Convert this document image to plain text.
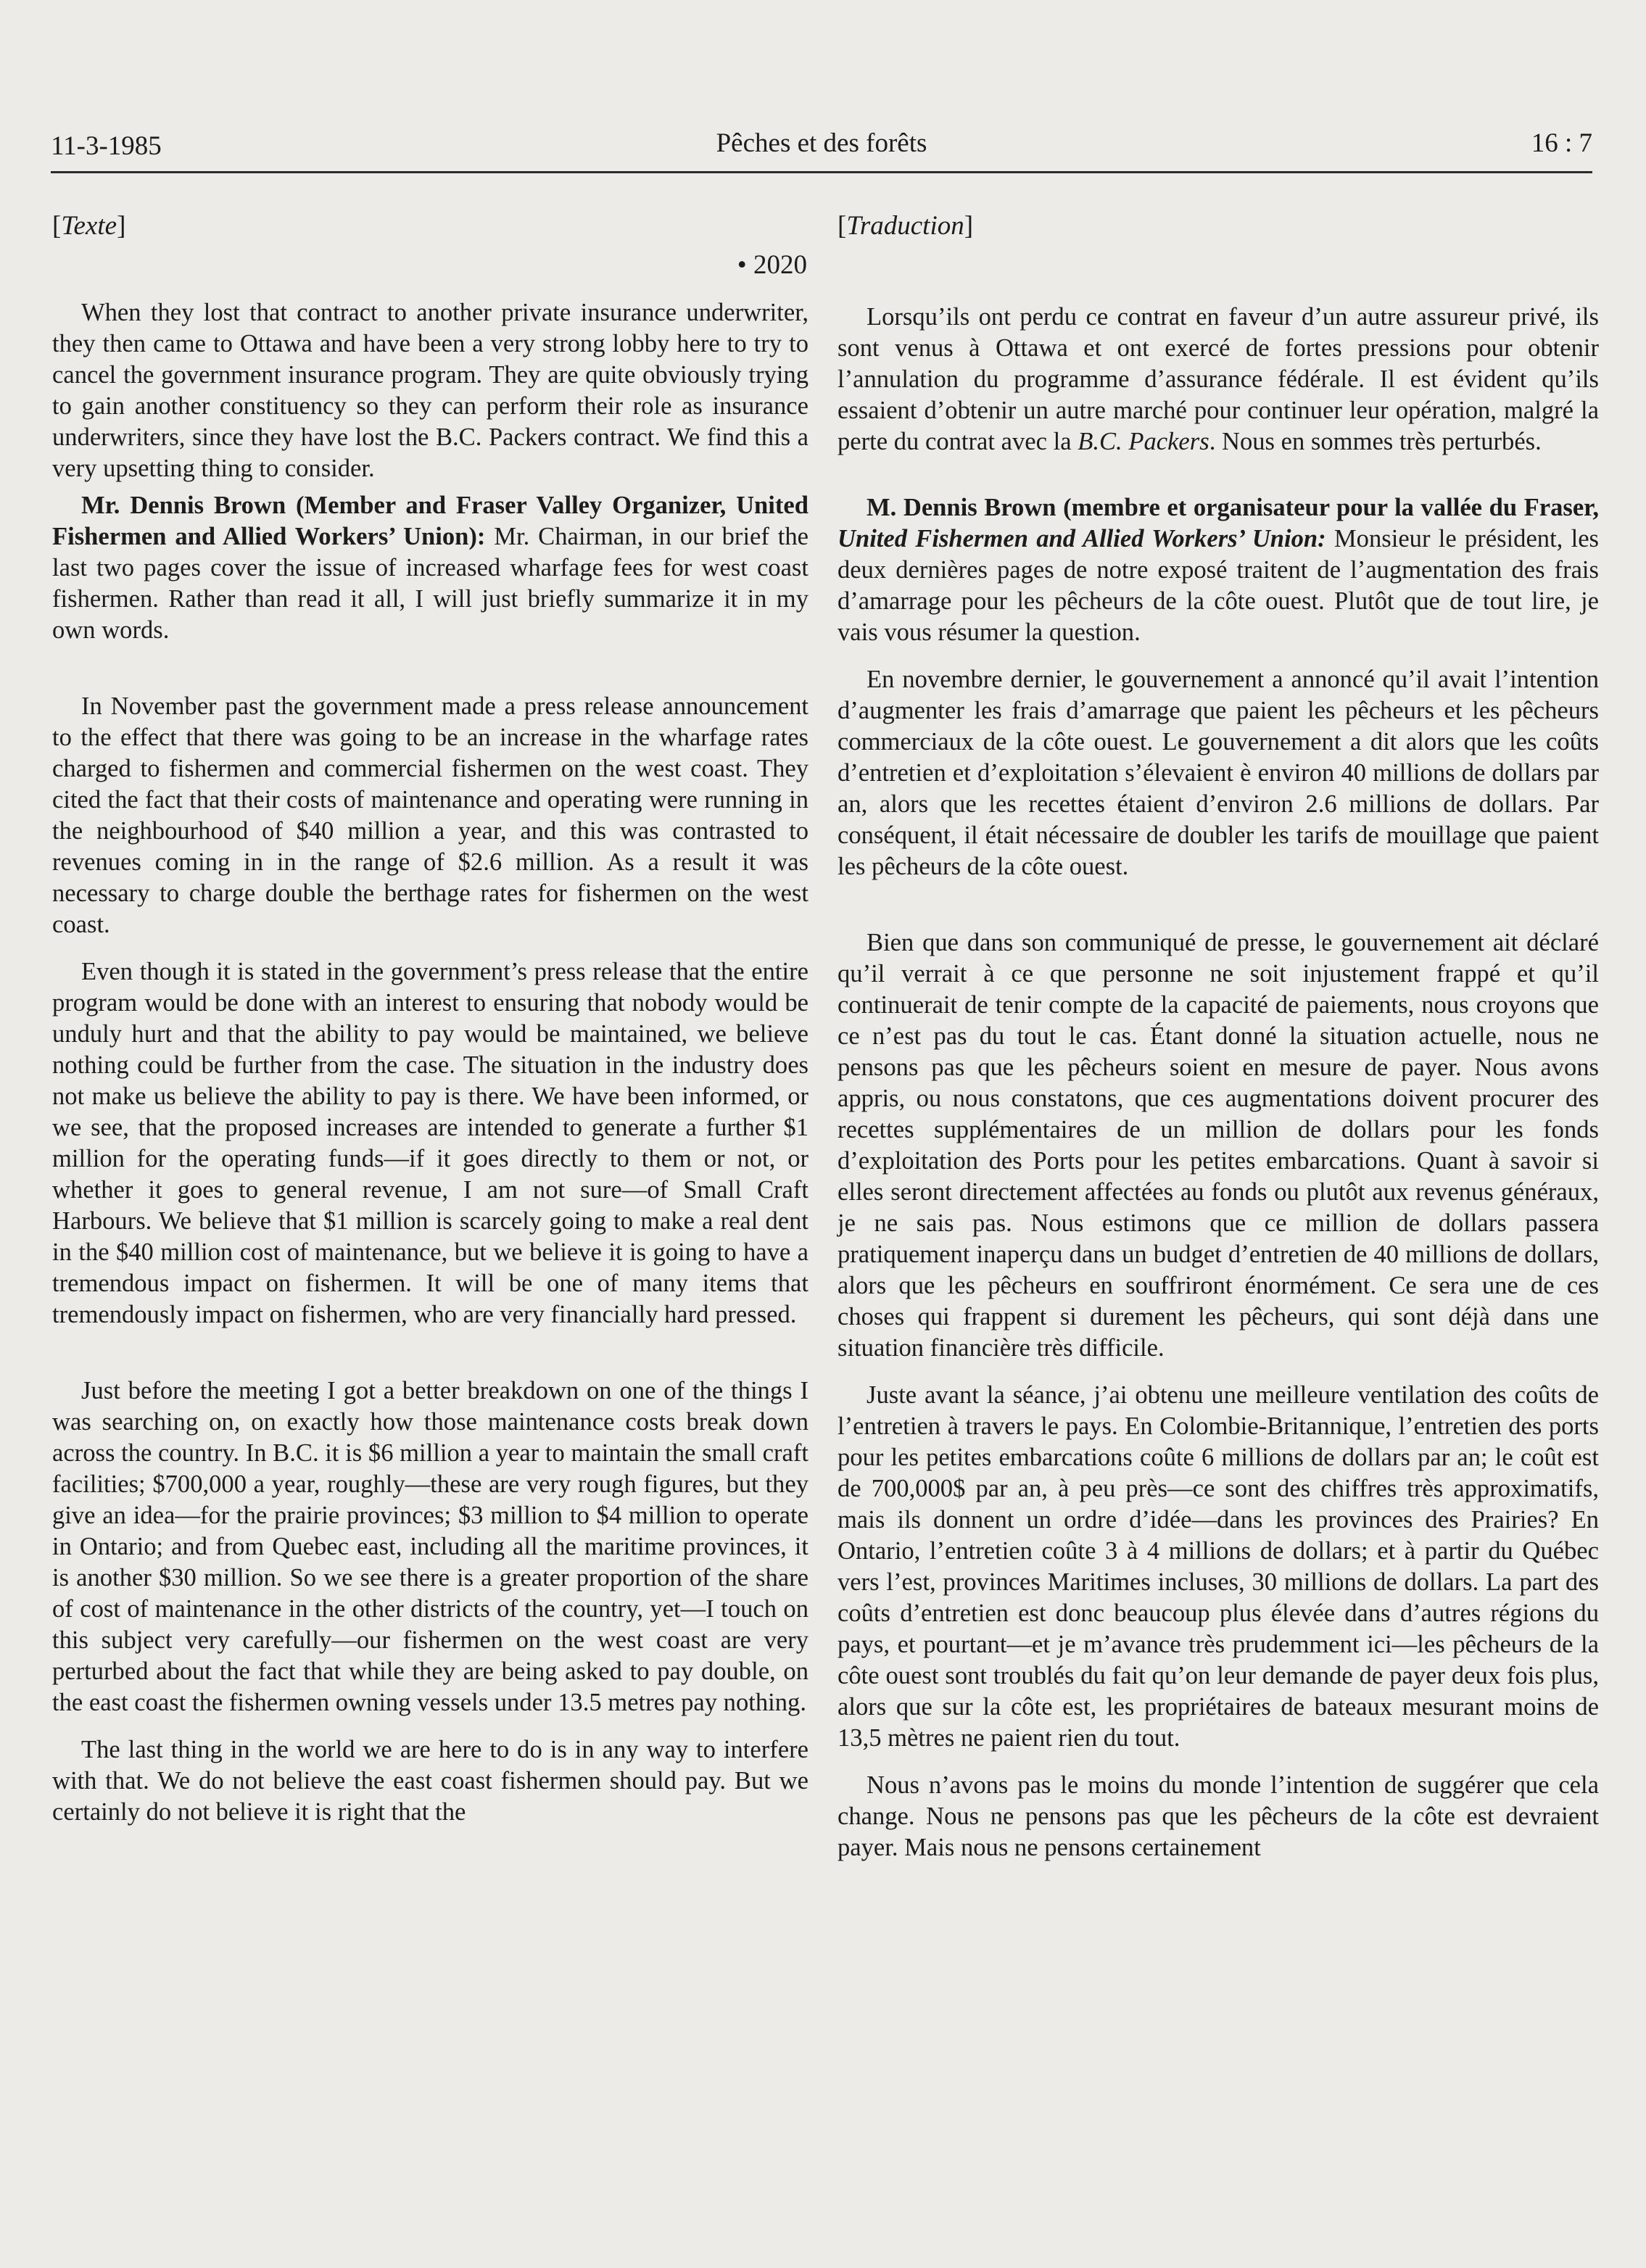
11-3-1985	Pêches et des forêts	16 : 7
[Texte]
• 2020

When they lost that contract to another private insurance underwriter, they then came to Ottawa and have been a very strong lobby here to try to cancel the government insurance program. They are quite obviously trying to gain another constituency so they can perform their role as insurance underwriters, since they have lost the B.C. Packers contract. We find this a very upsetting thing to consider.

Mr. Dennis Brown (Member and Fraser Valley Organizer, United Fishermen and Allied Workers’ Union): Mr. Chairman, in our brief the last two pages cover the issue of increased wharfage fees for west coast fishermen. Rather than read it all, I will just briefly summarize it in my own words.

In November past the government made a press release announcement to the effect that there was going to be an increase in the wharfage rates charged to fishermen and commercial fishermen on the west coast. They cited the fact that their costs of maintenance and operating were running in the neighbourhood of $40 million a year, and this was contrasted to revenues coming in in the range of $2.6 million. As a result it was necessary to charge double the berthage rates for fishermen on the west coast.

Even though it is stated in the government’s press release that the entire program would be done with an interest to ensuring that nobody would be unduly hurt and that the ability to pay would be maintained, we believe nothing could be further from the case. The situation in the industry does not make us believe the ability to pay is there. We have been informed, or we see, that the proposed increases are intended to generate a further $1 million for the operating funds—if it goes directly to them or not, or whether it goes to general revenue, I am not sure—of Small Craft Harbours. We believe that $1 million is scarcely going to make a real dent in the $40 million cost of maintenance, but we believe it is going to have a tremendous impact on fishermen. It will be one of many items that tremendously impact on fishermen, who are very financially hard pressed.

Just before the meeting I got a better breakdown on one of the things I was searching on, on exactly how those maintenance costs break down across the country. In B.C. it is $6 million a year to maintain the small craft facilities; $700,000 a year, roughly—these are very rough figures, but they give an idea—for the prairie provinces; $3 million to $4 million to operate in Ontario; and from Quebec east, including all the maritime provinces, it is another $30 million. So we see there is a greater proportion of the share of cost of maintenance in the other districts of the country, yet—I touch on this subject very carefully—our fishermen on the west coast are very perturbed about the fact that while they are being asked to pay double, on the east coast the fishermen owning vessels under 13.5 metres pay nothing.

The last thing in the world we are here to do is in any way to interfere with that. We do not believe the east coast fishermen should pay. But we certainly do not believe it is right that the

[Traduction]

Lorsqu’ils ont perdu ce contrat en faveur d’un autre assureur privé, ils sont venus à Ottawa et ont exercé de fortes pressions pour obtenir l’annulation du programme d’assurance fédérale. Il est évident qu’ils essaient d’obtenir un autre marché pour continuer leur opération, malgré la perte du contrat avec la B.C. Packers. Nous en sommes très perturbés.

M. Dennis Brown (membre et organisateur pour la vallée du Fraser, United Fishermen and Allied Workers’ Union: Monsieur le président, les deux dernières pages de notre exposé traitent de l’augmentation des frais d’amarrage pour les pêcheurs de la côte ouest. Plutôt que de tout lire, je vais vous résumer la question.

En novembre dernier, le gouvernement a annoncé qu’il avait l’intention d’augmenter les frais d’amarrage que paient les pêcheurs et les pêcheurs commerciaux de la côte ouest. Le gouvernement a dit alors que les coûts d’entretien et d’exploitation s’élevaient è environ 40 millions de dollars par an, alors que les recettes étaient d’environ 2.6 millions de dollars. Par conséquent, il était nécessaire de doubler les tarifs de mouillage que paient les pêcheurs de la côte ouest.

Bien que dans son communiqué de presse, le gouvernement ait déclaré qu’il verrait à ce que personne ne soit injustement frappé et qu’il continuerait de tenir compte de la capacité de paiements, nous croyons que ce n’est pas du tout le cas. Étant donné la situation actuelle, nous ne pensons pas que les pêcheurs soient en mesure de payer. Nous avons appris, ou nous constatons, que ces augmentations doivent procurer des recettes supplémentaires de un million de dollars pour les fonds d’exploitation des Ports pour les petites embarcations. Quant à savoir si elles seront directement affectées au fonds ou plutôt aux revenus généraux, je ne sais pas. Nous estimons que ce million de dollars passera pratiquement inaperçu dans un budget d’entretien de 40 millions de dollars, alors que les pêcheurs en souffriront énormément. Ce sera une de ces choses qui frappent si durement les pêcheurs, qui sont déjà dans une situation financière très difficile.

Juste avant la séance, j’ai obtenu une meilleure ventilation des coûts de l’entretien à travers le pays. En Colombie-Britannique, l’entretien des ports pour les petites embarcations coûte 6 millions de dollars par an; le coût est de 700,000$ par an, à peu près—ce sont des chiffres très approximatifs, mais ils donnent un ordre d’idée—dans les provinces des Prairies? En Ontario, l’entretien coûte 3 à 4 millions de dollars; et à partir du Québec vers l’est, provinces Maritimes incluses, 30 millions de dollars. La part des coûts d’entretien est donc beaucoup plus élevée dans d’autres régions du pays, et pourtant—et je m’avance très prudemment ici—les pêcheurs de la côte ouest sont troublés du fait qu’on leur demande de payer deux fois plus, alors que sur la côte est, les propriétaires de bateaux mesurant moins de 13,5 mètres ne paient rien du tout.

Nous n’avons pas le moins du monde l’intention de suggérer que cela change. Nous ne pensons pas que les pêcheurs de la côte est devraient payer. Mais nous ne pensons certainement
